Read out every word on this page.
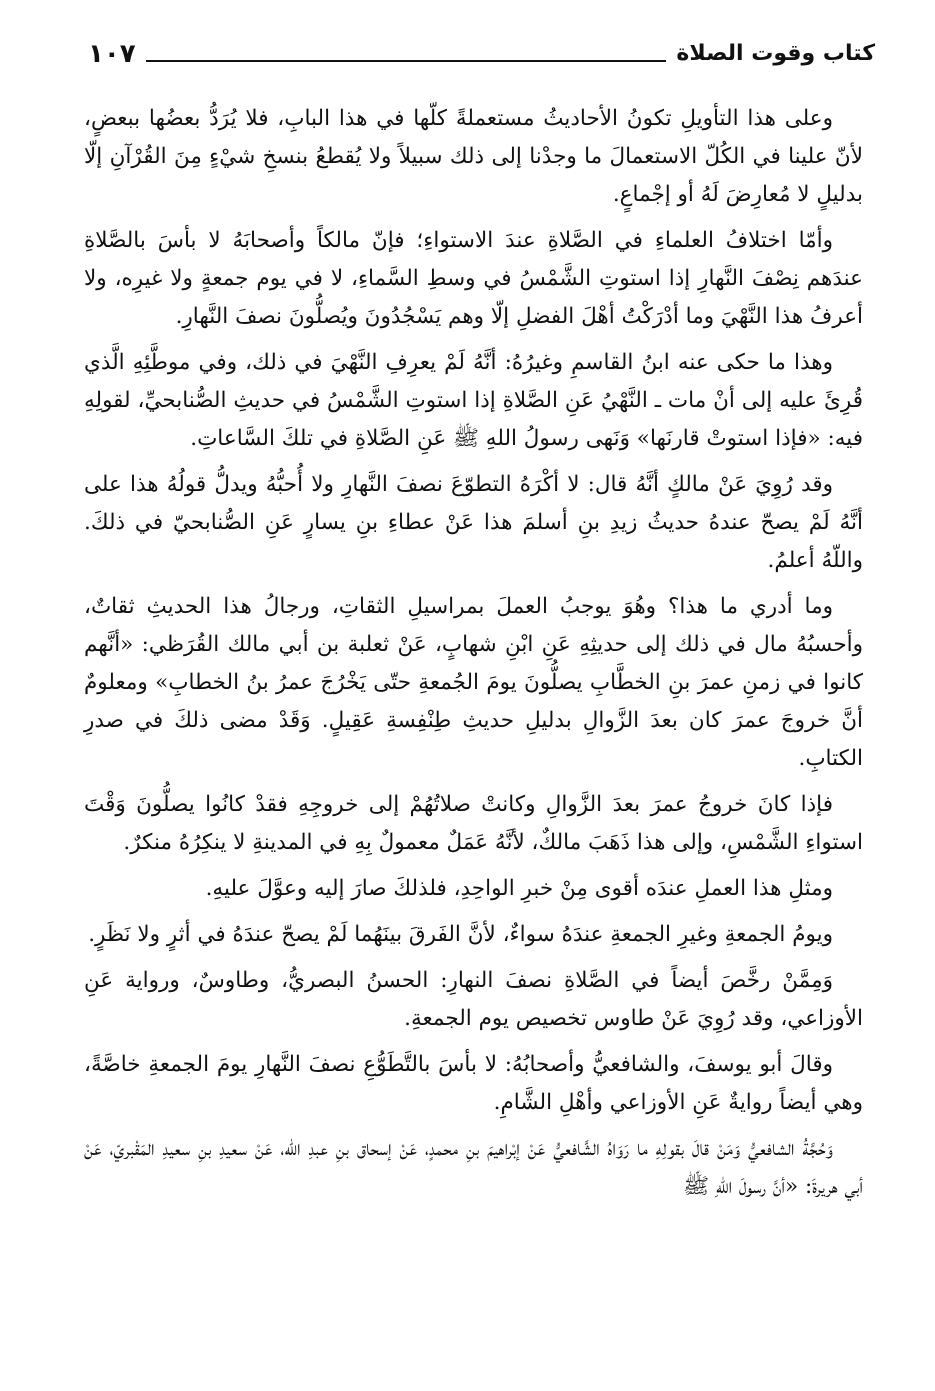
كتاب وقوت الصلاة
١٠٧

وعلى هذا التأويلِ تكونُ الأحاديثُ مستعملةً كلّها في هذا البابِ، فلا يُرَدُّ بعضُها ببعضٍ، لأنّ علينا في الكُلّ الاستعمالَ ما وجدْنا إلى ذلك سبيلاً ولا يُقطعُ بنسخِ شيْءٍ مِنَ القُرْآنِ إلّا بدليلٍ لا مُعارِضَ لَهُ أو إجْماعٍ.

وأمّا اختلافُ العلماءِ في الصَّلاةِ عندَ الاستواءِ؛ فإنّ مالكاً وأصحابَهُ لا بأسَ بالصَّلاةِ عندَهم نِصْفَ النَّهارِ إذا استوتِ الشَّمْسُ في وسطِ السَّماءِ، لا في يوم جمعةٍ ولا غيرِه، ولا أعرفُ هذا النَّهْيَ وما أدْرَكْتُ أهْلَ الفضلِ إلّا وهم يَسْجُدُونَ ويُصلُّونَ نصفَ النَّهارِ.

وهذا ما حكى عنه ابنُ القاسمِ وغيرُهُ: أنَّهُ لَمْ يعرِفِ النَّهْيَ في ذلك، وفي موطَّئِهِ الَّذي قُرِئَ عليه إلى أنْ مات ـ النَّهْيُ عَنِ الصَّلاةِ إذا استوتِ الشَّمْسُ في حديثِ الصُّنابحيِّ، لقولِهِ فيه: «فإذا استوتْ قارنَها» وَنَهى رسولُ اللهِ ﷺ عَنِ الصَّلاةِ في تلكَ السَّاعاتِ.

وقد رُوِيَ عَنْ مالكٍ أنَّهُ قال: لا أكْرَهُ التطوّعَ نصفَ النَّهارِ ولا أُحبُّهُ ويدلُّ قولُهُ هذا على أنَّهُ لَمْ يصحّ عندهُ حديثُ زيدِ بنِ أسلمَ هذا عَنْ عطاءِ بنِ يسارٍ عَنِ الصُّنابحيّ في ذلكَ. واللّهُ أعلمُ.

وما أدري ما هذا؟ وهُوَ يوجبُ العملَ بمراسيلِ الثقاتِ، ورجالُ هذا الحديثِ ثقاتٌ، وأحسبُهُ مال في ذلك إلى حديثِهِ عَنِ ابْنِ شهابٍ، عَنْ ثعلبة بن أبي مالك القُرَظي: «أنَّهم كانوا في زمنِ عمرَ بنِ الخطَّابِ يصلُّونَ يومَ الجُمعةِ حتّى يَخْرُجَ عمرُ بنُ الخطابِ» ومعلومٌ أنَّ خروجَ عمرَ كان بعدَ الزَّوالِ بدليلِ حديثِ طِنْفِسةِ عَقِيلٍ. وَقَدْ مضى ذلكَ في صدرِ الكتابِ.

فإذا كانَ خروجُ عمرَ بعدَ الزَّوالِ وكانتْ صلاتُهُمْ إلى خروجِهِ فقدْ كانُوا يصلُّونَ وَقْتَ استواءِ الشَّمْسِ، وإلى هذا ذَهَبَ مالكٌ، لأنَّهُ عَمَلٌ معمولٌ بِهِ في المدينةِ لا ينكِرُهُ منكرٌ.

ومثلِ هذا العملِ عندَه أقوى مِنْ خبرِ الواحِدِ، فلذلكَ صارَ إليه وعوَّلَ عليهِ.

ويومُ الجمعةِ وغيرِ الجمعةِ عندَهُ سواءٌ، لأنَّ الفَرقَ بينَهُما لَمْ يصحّ عندَهُ في أثرٍ ولا نَظَرٍ.

وَمِمَّنْ رخَّصَ أيضاً في الصَّلاةِ نصفَ النهارِ: الحسنُ البصريُّ، وطاوسٌ، ورواية عَنِ الأوزاعي، وقد رُوِيَ عَنْ طاوس تخصيص يوم الجمعةِ.

وقالَ أبو يوسفَ، والشافعيُّ وأصحابُهُ: لا بأسَ بالتَّطَوُّعِ نصفَ النَّهارِ يومَ الجمعةِ خاصَّةً، وهي أيضاً روايةٌ عَنِ الأوزاعي وأهْلِ الشَّامِ.

وَحُجَّةُ الشافعيُّ وَمَنْ قالَ بقولِهِ ما رَوَاهُ الشَّافعيُّ عَنْ إبْراهيمَ بنِ محمدٍ، عَنْ إسحاق بنِ عبدِ الله، عَنْ سعيدِ بنِ سعيدِ المَقْبريّ، عَنْ أبي هريرةَ: «أنَّ رسولَ اللّهِ ﷺ
